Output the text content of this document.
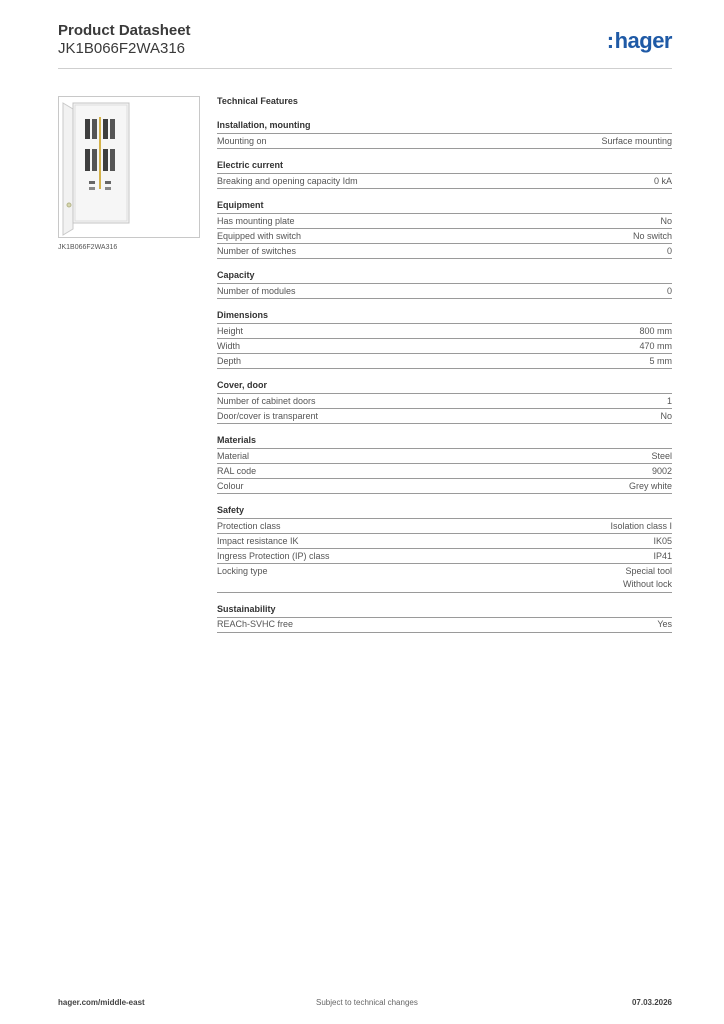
Product Datasheet
JK1B066F2WA316	:hager
JK1B066F2WA316
Technical Features
Installation, mounting
Mounting on	Surface mounting
Electric current
Breaking and opening capacity Idm	0 kA
Equipment
Has mounting plate	No
Equipped with switch	No switch
Number of switches	0
Capacity
Number of modules	0
Dimensions
Height	800 mm
Width	470 mm
Depth	5 mm
Cover, door
Number of cabinet doors	1
Door/cover is transparent	No
Materials
Material	Steel
RAL code	9002
Colour	Grey white
Safety
Protection class	Isolation class I
Impact resistance IK	IK05
Ingress Protection (IP) class	IP41
Locking type	Special tool
Without lock
Sustainability
REACh-SVHC free	Yes
hager.com/middle-east	Subject to technical changes	07.03.2026
